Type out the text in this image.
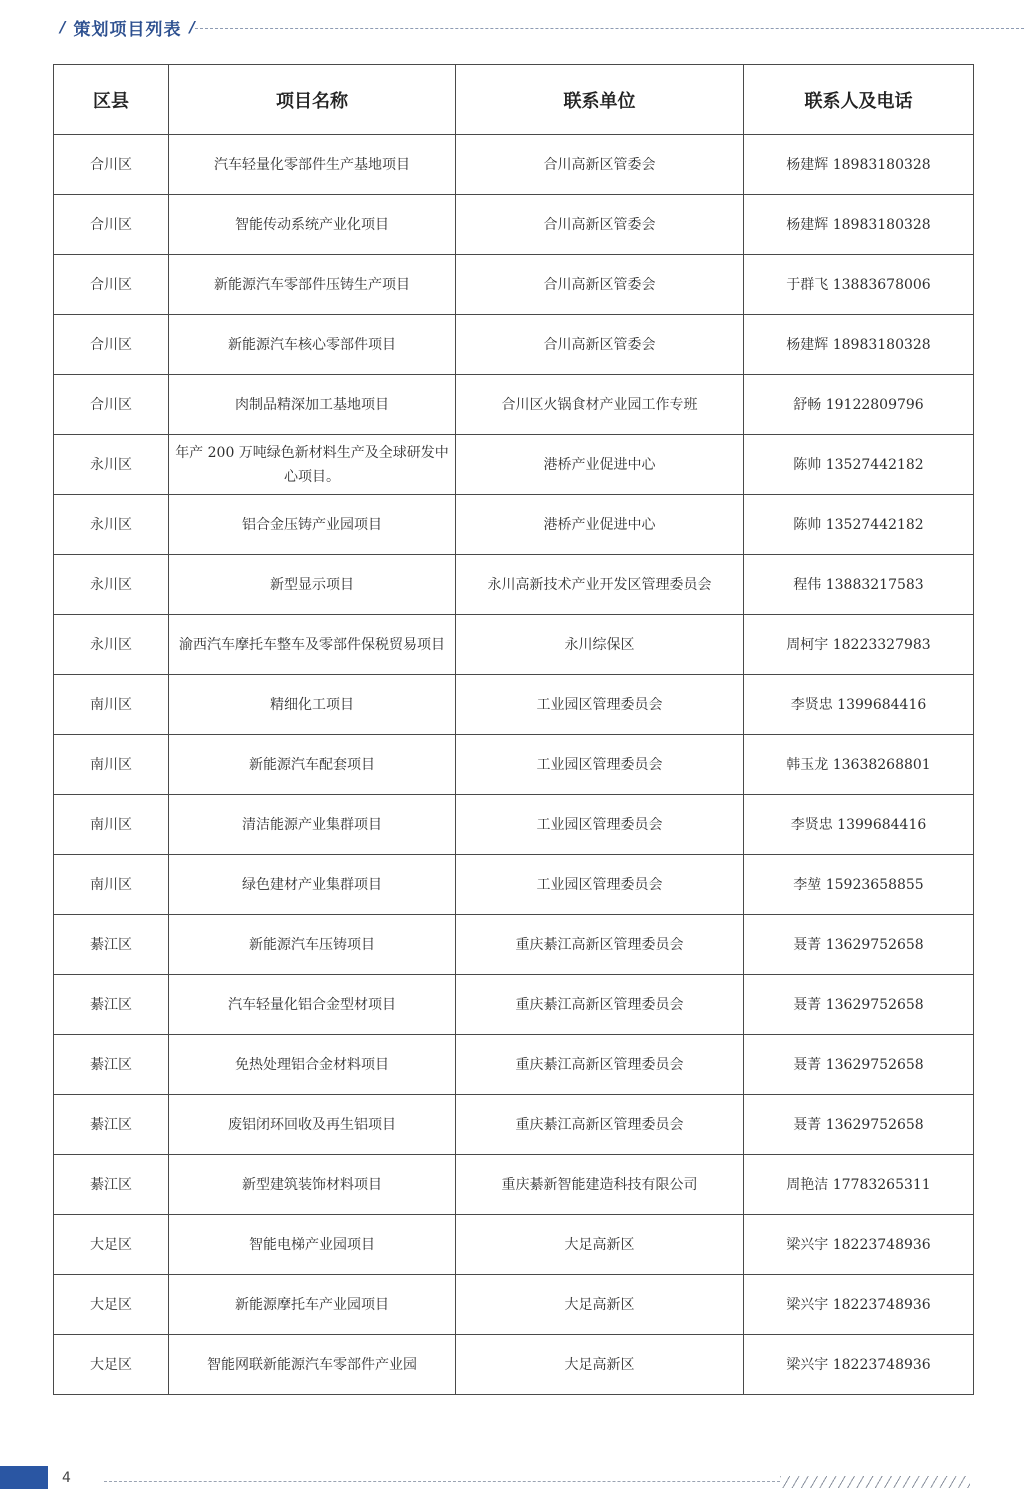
/ 策划项目列表 /
区县	项目名称	联系单位	联系人及电话
合川区	汽车轻量化零部件生产基地项目	合川高新区管委会	杨建辉 18983180328
合川区	智能传动系统产业化项目	合川高新区管委会	杨建辉 18983180328
合川区	新能源汽车零部件压铸生产项目	合川高新区管委会	于群飞 13883678006
合川区	新能源汽车核心零部件项目	合川高新区管委会	杨建辉 18983180328
合川区	肉制品精深加工基地项目	合川区火锅食材产业园工作专班	舒畅 19122809796
永川区	年产 200 万吨绿色新材料生产及全球研发中心项目。	港桥产业促进中心	陈帅 13527442182
永川区	铝合金压铸产业园项目	港桥产业促进中心	陈帅 13527442182
永川区	新型显示项目	永川高新技术产业开发区管理委员会	程伟 13883217583
永川区	渝西汽车摩托车整车及零部件保税贸易项目	永川综保区	周柯宇 18223327983
南川区	精细化工项目	工业园区管理委员会	李贤忠 1399684416
南川区	新能源汽车配套项目	工业园区管理委员会	韩玉龙 13638268801
南川区	清洁能源产业集群项目	工业园区管理委员会	李贤忠 1399684416
南川区	绿色建材产业集群项目	工业园区管理委员会	李堃 15923658855
綦江区	新能源汽车压铸项目	重庆綦江高新区管理委员会	聂菁 13629752658
綦江区	汽车轻量化铝合金型材项目	重庆綦江高新区管理委员会	聂菁 13629752658
綦江区	免热处理铝合金材料项目	重庆綦江高新区管理委员会	聂菁 13629752658
綦江区	废铝闭环回收及再生铝项目	重庆綦江高新区管理委员会	聂菁 13629752658
綦江区	新型建筑装饰材料项目	重庆綦新智能建造科技有限公司	周艳洁 17783265311
大足区	智能电梯产业园项目	大足高新区	梁兴宇 18223748936
大足区	新能源摩托车产业园项目	大足高新区	梁兴宇 18223748936
大足区	智能网联新能源汽车零部件产业园	大足高新区	梁兴宇 18223748936
4
